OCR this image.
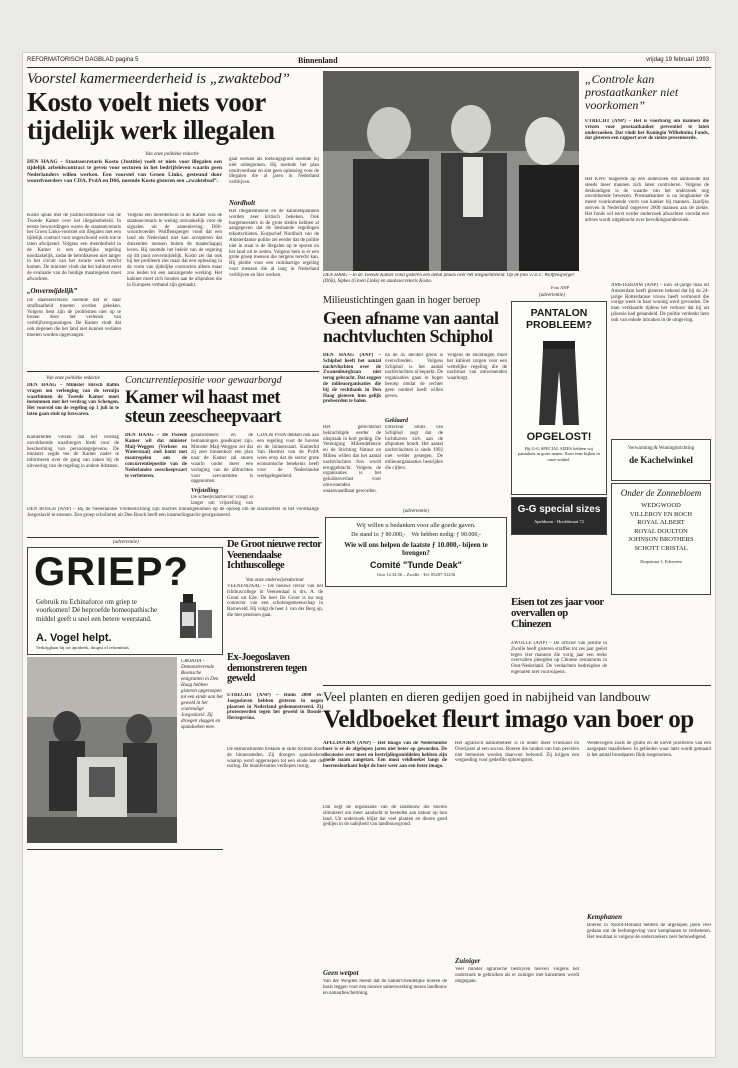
REFORMATORISCH DAGBLAD pagina 5	Binnenland	vrijdag 19 februari 1993
Voorstel kamermeerderheid is „zwaktebod”
Kosto voelt niets voor tijdelijk werk illegalen
Van onze politieke redactie
DEN HAAG – Staatssecretaris Kosto (Justitie) voelt er niets voor illegalen een tijdelijk arbeidscontract te geven voor sectoren in het bedrijfsleven waarin geen Nederlanders willen werken. Een voorstel van Groen Links, gesteund door woordvoerders van CDA, PvdA en D66, noemde Kosto gisteren een „zwaktebod”.
Kosto sprak met de justitiecommissie van de Tweede Kamer over het illegalenbeleid. In eerste bewoordingen waren de staatssecretaris het Groen Links-voorstel om illegalen met een tijdelijk contract voor ongeschoold werk toe te laten afwijzend. Volgens een meerderheid in de Kamer is een dergelijke regeling noodzakelijk, zodat de betrokkenen niet langer in het circuit van het zwarte werk terecht komen. De minister vindt dat het kabinet eerst de evaluatie van de huidige maatregelen moet afwachten.
„Onvermijdelijk”
De staatssecretaris noemde dat er naar strafbaarheid moeten worden gekeken. Volgens hem zijn de problemen niet op te lossen door het verlenen van verblijfsvergunningen. De Kamer vindt dat ook degenen die het land niet kunnen verlaten moeten worden opgevangen.
Volgens een meerderheid in de Kamer was de staatssecretaris te weinig ontvankelijk voor de signalen uit de samenleving. D66-woordvoerder Wolffensperger vond dat een land als Nederland niet kan accepteren dat duizenden mensen buiten de maatschappij leven. Hij noemde het beleid van de regering op dit punt onvermijdelijk. Kosto zei dat ook hij het probleem ziet maar dat een oplossing in de vorm van tijdelijke contracten alleen maar zou leiden tot een aanzuigende werking. Het kabinet moet zich houden aan de afspraken die in Europees verband zijn gemaakt.
gaat werken als toetsingsgroot noemde hij niet onbegonnen. Hij noemde het plan onuitvoerbaar en ziet geen oplossing voor de illegalen die al jaren in Nederland verblijven.
Nordholt
Het illegalenbeleid en de kabinetsplannen worden zeer kritisch bekeken. Ook burgemeesters in de grote steden hebben al aangegeven dat de bestaande regelingen tekortschieten. Korpschef Nordholt van de Amsterdamse politie zei eerder dat de politie niet in staat is de illegalen op te sporen en het land uit te zetten. Volgens hem is er een grote groep mensen die nergens terecht kan. Hij pleitte voor een ruimhartige regeling voor mensen die al lang in Nederland verblijven en hier werken.
Van onze politieke redactie
DEN HAAG – Minister Hirsch Ballin vragen om verlenging van de termijn waarbinnen de Tweede Kamer moet instemmen met het verdrag van Schengen. Het voorstel om de regeling op 1 juli in te laten gaan stuit op bezwaren.
Kamerleden vrezen dat het verdrag onvoldoende waarborgen biedt voor de bescherming van persoonsgegevens. De minister zegde toe de Kamer nader te informeren over de gang van zaken bij de uitvoering van de regeling in andere lidstaten.
DEN BOSCH (ANP) – Bij de Nederlandse Vredesstichting zijn reacties binnengekomen op de oproep om de slachtoffers in het voormalige Joegoslavië te steunen. Een groep scholieren uit Den Bosch heeft een inzamelingsactie georganiseerd.
Concurrentiepositie voor gewaarborgd
Kamer wil haast met steun zeescheepvaart
DEN HAAG – De Tweede Kamer wil dat minister Maij-Weggen (Verkeer en Waterstaat) snel komt met maatregelen om de concurrentiepositie van de Nederlandse zeescheepvaart te verbeteren.
gesubsidieerd en de bemanningen goedkoper zijn. Minister Maij-Weggen zei dat zij zeer binnenkort een plan naar de Kamer zal sturen waarin onder meer een verlaging van de afdrachten voor zeevarenden is opgenomen.
Vrijstelling
De scheepvaartsector vraagt al langer om vrijstelling van
CDA en PvdA denken ook aan een regeling voor de havens en de binnenvaart. Kamerlid Van Heemst van de PvdA wees erop dat de sector grote economische betekenis heeft voor de Nederlandse werkgelegenheid.
(advertentie)
GRIEP?
Gebruik nu Echinaforce om griep te voorkomen! Dé beproefde homeopathische middel geeft u snel een betere weerstand.
A. Vogel helpt.
Verkrijgbaar bij uw apotheek, drogist of reformhuis
De Groot nieuwe rector Veenendaalse Ichthuscollege
Van onze onderwijsredacteur
VEENENDAAL – De nieuwe rector van het Ichthuscollege in Veenendaal is drs. A. de Groot uit Ede. De heer De Groot is nu nog conrector van een scholengemeenschap in Barneveld. Hij volgt de heer J. van der Berg op, die met pensioen gaat.
Ex-Joegoslaven demonstreren tegen geweld
UTRECHT (ANP) – Ruim 2000 ex-Joegoslaven hebben gisteren in negen plaatsen in Nederland gedemonstreerd. Zij protesteerden tegen het geweld in Bosnië-Herzegovina.
De demonstranten trokken in stille tochten door de binnensteden. Zij droegen spandoeken waarop werd opgeroepen tot een einde aan de oorlog. De manifestaties verliepen rustig.
CROATIA – Demonstrerende Bosnische emigranten in Den Haag hebben gisteren opgeroepen tot een einde aan het geweld in het voormalige Joegoslavië. Zij droegen vlaggen en spandoeken mee.
DEN HAAG – In de Tweede Kamer vond gisteren een debat plaats over het illegalenbeleid. Op de foto v.l.n.r.: Wolffensperger (D66), Sipkes (Groen Links) en staatssecretaris Kosto.
Foto ANP
Milieustichtingen gaan in hoger beroep
Geen afname van aantal nachtvluchten Schiphol
DEN HAAG (ANP) – Schiphol heeft het aantal nachtvluchten over de Zwanenburgbaan niet terug gebracht. Dat zeggen de milieuorganisaties die bij de rechtbank in Den Haag gisteren hun gelijk probeerden te halen.
Het gerechtshof bekrachtigde eerder de uitspraak in kort geding. De Vereniging Milieudefensie en de Stichting Natuur en Milieu willen dat het aantal nachtvluchten fors wordt teruggebracht. Volgens de organisaties is het geluidsoverlast voor omwonenden onaanvaardbaar geworden.
na de 45 decibel grens is overschreden. Volgens Schiphol is het aantal nachtvluchten al beperkt. De organisaties gaan in hoger beroep omdat de rechter geen oordeel heeft willen geven.
Geklaard
Directeur Smits van Schiphol zegt dat de luchthaven zich aan de afspraken houdt. Het aantal nachtvluchten is sinds 1992 niet verder gestegen. De milieuorganisaties bestrijden die cijfers.
Volgens de stichtingen moet het kabinet zorgen voor een wettelijke regeling die de nachtrust van omwonenden waarborgt.
(advertentie)
Wij willen u bedanken voor alle goede gaven.
De stand is: ƒ 80.000,- We hebben nodig: ƒ 90.000,-
Wie wil ons helpen de laatste ƒ 10.000,- bijeen te brengen?
Comité "Tunde Deak"
Giro 12.34.56 – Zwolle · Tel. 05207-31236
„Controle kan prostaatkanker niet voorkomen”
UTRECHT (ANP) – Het is voorbarig om mannen die vrezen voor prostaatkanker preventief te laten onderzoeken. Dat vindt het Koningin Wilhelmina Fonds, dat gisteren een rapport over de ziekte presenteerde.
Het KWF reageerde op een onderzoek dat aantoonde dat steeds meer mannen zich laten controleren. Volgens de deskundigen is de waarde van het onderzoek nog onvoldoende bewezen. Prostaatkanker is na longkanker de meest voorkomende vorm van kanker bij mannen. Jaarlijks sterven in Nederland ongeveer 2000 mannen aan de ziekte. Het fonds wil eerst verder onderzoek afwachten voordat een advies wordt uitgebracht over bevolkingsonderzoek.
(advertentie)
PANTALON PROBLEEM?
OPGELOST!
Bij G-G SPECIAL SIZES hebben wij pantalons in grote maten. Kom eens kijken in onze winkel.
G-G special sizes
Apeldoorn · Hoofdstraat 72
AMSTERDAM (ANP) – Een 34-jarige man uit Amsterdam heeft gisteren bekend dat hij de 24-jarige Rotterdamse vrouw heeft vermoord die vorige week in haar woning werd gevonden. De man verklaarde tijdens het verhoor dat hij uit jaloezie had gehandeld. De politie verdenkt hem ook van enkele inbraken in de omgeving.
Verwarming & Woninginrichting
de Kachelwinkel
Onder de Zonnebloem
WEDGWOOD
VILLEROY EN BOCH
ROYAL ALBERT
ROYAL DOULTON
JOHNSON BROTHERS
SCHOTT CRISTAL
Dorpstraat 1, Ederveen
Eisen tot zes jaar voor overvallen op Chinezen
ZWOLLE (ANP) – De officier van justitie in Zwolle heeft gisteren straffen tot zes jaar geëist tegen vier mannen die vorig jaar een reeks overvallen pleegden op Chinese restaurants in Oost-Nederland. De verdachten bedreigden de eigenaren met vuurwapens.
Veel planten en dieren gedijen goed in nabijheid van landbouw
Veldboeket fleurt imago van boer op
APELDOORN (ANP) – Het imago van de Nederlandse boer is er de afgelopen jaren niet beter op geworden. De discussies over mest en bestrijdingsmiddelen hebben zijn goede naam aangetast. Een mooi veldboeket langs de boerenslootkant helpt de boer weer aan een beter imago.
Dat zegt de organisatie van de landbouw die boeren stimuleert om meer aandacht te besteden aan natuur op hun land. Uit onderzoek blijkt dat veel planten en dieren goed gedijen in de nabijheid van landbouwgrond.
Geen wetpot
Van der Weijden meent dat de natuurvriendelijke boeren de basis leggen voor een nieuwe samenwerking tussen landbouw en natuurbescherming.
Het agrarisch natuurbeheer is in onder meer Friesland en Overijssel al een succes. Boeren die randen van hun percelen niet bemesten worden daarvoor beloond. Zij krijgen een vergoeding voor gederfde opbrengsten.
Zuiniger
Veel minder agrarische bedrijven hoeven volgens het onderzoek te gebruiken als er zuiniger met kunstmest wordt omgegaan.
Weidevogels zoals de grutto en de kievit profiteren van een aangepast maaibeheer. In gebieden waar later wordt gemaaid is het aantal broedparen flink toegenomen.
Kemphanen
Boeren in Noord-Holland hebben de afgelopen jaren veel gedaan om de leefomgeving voor kemphanen te verbeteren. Het resultaat is volgens de onderzoekers zeer bemoedigend.
